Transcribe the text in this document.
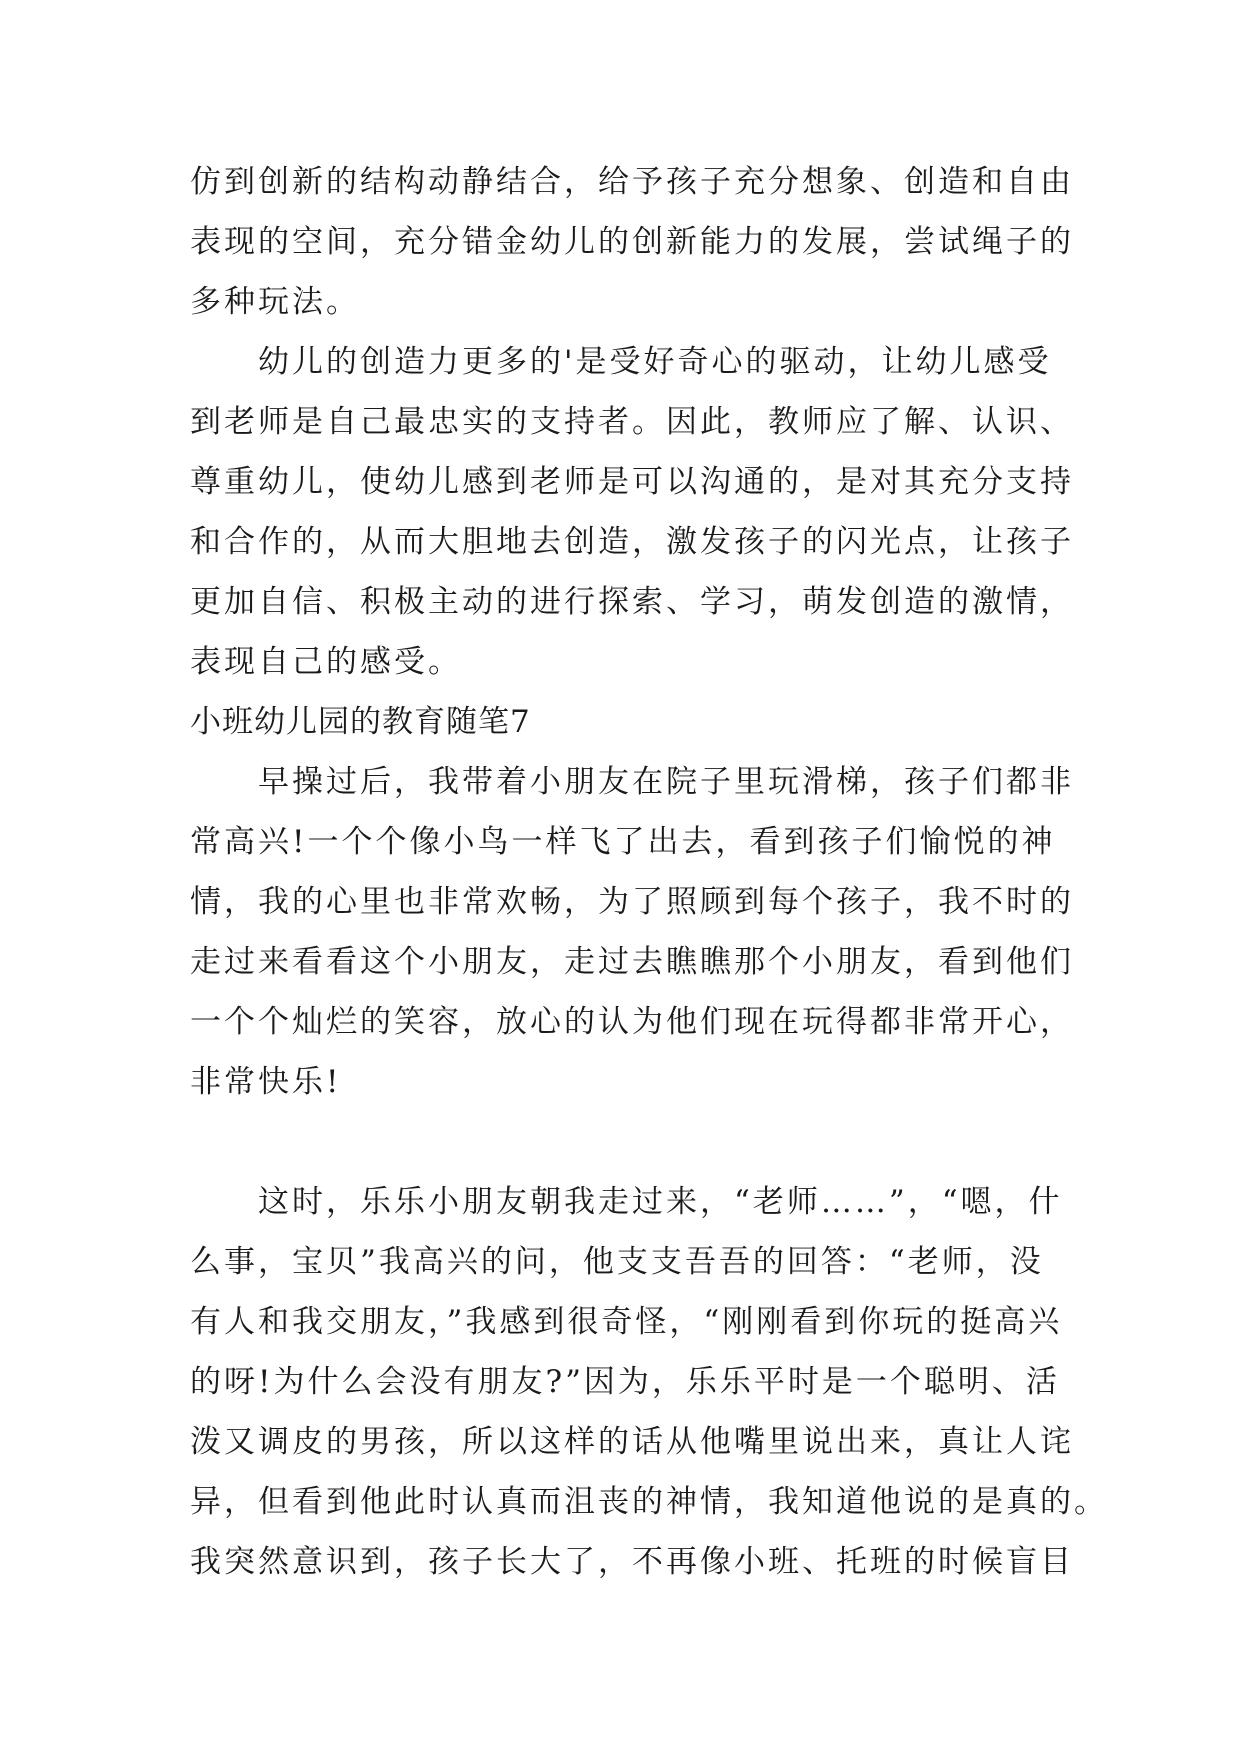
仿到创新的结构动静结合，给予孩子充分想象、创造和自由

表现的空间，充分错金幼儿的创新能力的发展，尝试绳子的

多种玩法。

幼儿的创造力更多的'是受好奇心的驱动，让幼儿感受

到老师是自己最忠实的支持者。因此，教师应了解、认识、

尊重幼儿，使幼儿感到老师是可以沟通的，是对其充分支持

和合作的，从而大胆地去创造，激发孩子的闪光点，让孩子

更加自信、积极主动的进行探索、学习，萌发创造的激情，

表现自己的感受。

小班幼儿园的教育随笔7

早操过后，我带着小朋友在院子里玩滑梯，孩子们都非

常高兴!一个个像小鸟一样飞了出去，看到孩子们愉悦的神

情，我的心里也非常欢畅，为了照顾到每个孩子，我不时的

走过来看看这个小朋友，走过去瞧瞧那个小朋友，看到他们

一个个灿烂的笑容，放心的认为他们现在玩得都非常开心，

非常快乐!

这时，乐乐小朋友朝我走过来，“老师……”，“嗯，什

么事，宝贝”我高兴的问，他支支吾吾的回答：“老师，没

有人和我交朋友，”我感到很奇怪，“刚刚看到你玩的挺高兴

的呀!为什么会没有朋友?”因为，乐乐平时是一个聪明、活

泼又调皮的男孩，所以这样的话从他嘴里说出来，真让人诧

异，但看到他此时认真而沮丧的神情，我知道他说的是真的。

我突然意识到，孩子长大了，不再像小班、托班的时候盲目
